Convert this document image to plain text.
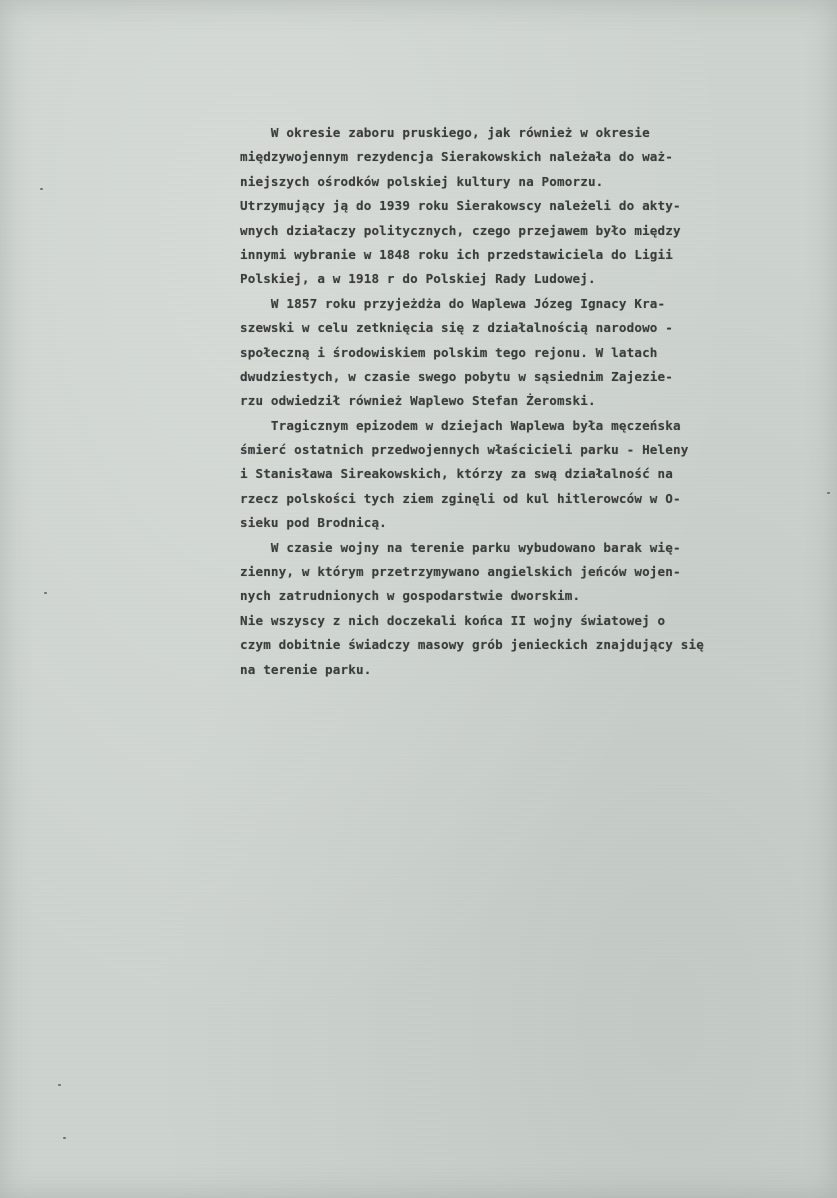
W okresie zaboru pruskiego, jak również w okresie
międzywojennym rezydencja Sierakowskich należała do waż-
niejszych ośrodków polskiej kultury na Pomorzu.
Utrzymujący ją do 1939 roku Sierakowscy należeli do akty-
wnych działaczy politycznych, czego przejawem było między
innymi wybranie w 1848 roku ich przedstawiciela do Ligii
Polskiej, a w 1918 r do Polskiej Rady Ludowej.
W 1857 roku przyjeżdża do Waplewa Józeg Ignacy Kra-
szewski w celu zetknięcia się z działalnością narodowo -
społeczną i środowiskiem polskim tego rejonu. W latach
dwudziestych, w czasie swego pobytu w sąsiednim Zajezie-
rzu odwiedził również Waplewo Stefan Żeromski.
Tragicznym epizodem w dziejach Waplewa była męczeńska
śmierć ostatnich przedwojennych właścicieli parku - Heleny
i Stanisława Sireakowskich, którzy za swą działalność na
rzecz polskości tych ziem zginęli od kul hitlerowców w O-
sieku pod Brodnicą.
W czasie wojny na terenie parku wybudowano barak wię-
zienny, w którym przetrzymywano angielskich jeńców wojen-
nych zatrudnionych w gospodarstwie dworskim.
Nie wszyscy z nich doczekali końca II wojny światowej o
czym dobitnie świadczy masowy grób jenieckich znajdujący się
na terenie parku.
